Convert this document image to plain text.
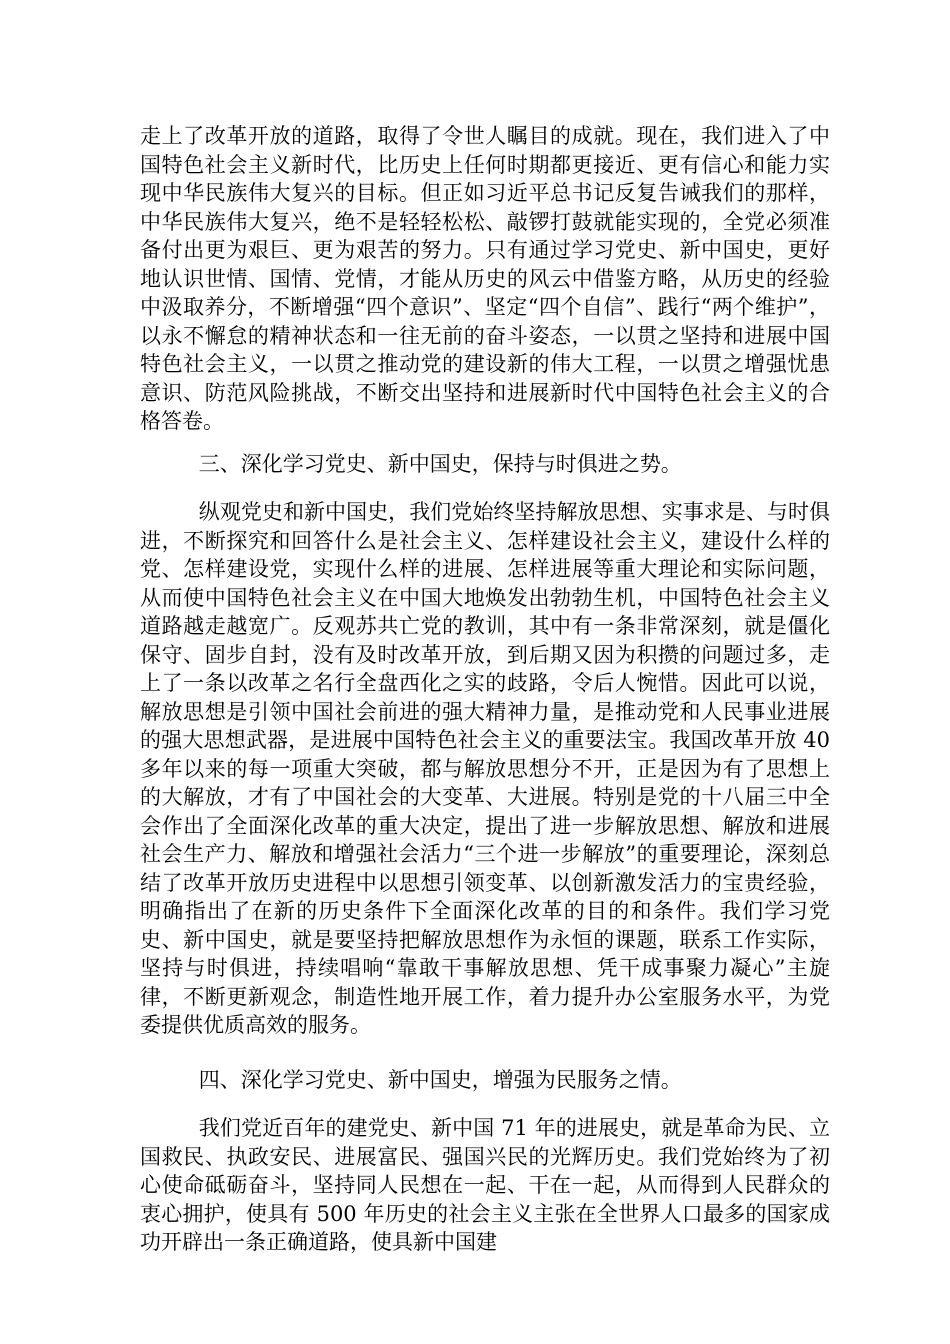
走上了改革开放的道路，取得了令世人瞩目的成就。现在，我们进入了中国特色社会主义新时代，比历史上任何时期都更接近、更有信心和能力实现中华民族伟大复兴的目标。但正如习近平总书记反复告诫我们的那样，中华民族伟大复兴，绝不是轻轻松松、敲锣打鼓就能实现的，全党必须准备付出更为艰巨、更为艰苦的努力。只有通过学习党史、新中国史，更好地认识世情、国情、党情，才能从历史的风云中借鉴方略，从历史的经验中汲取养分，不断增强“四个意识”、坚定“四个自信”、践行“两个维护”，以永不懈怠的精神状态和一往无前的奋斗姿态，一以贯之坚持和进展中国特色社会主义，一以贯之推动党的建设新的伟大工程，一以贯之增强忧患意识、防范风险挑战，不断交出坚持和进展新时代中国特色社会主义的合格答卷。
三、深化学习党史、新中国史，保持与时俱进之势。
纵观党史和新中国史，我们党始终坚持解放思想、实事求是、与时俱进，不断探究和回答什么是社会主义、怎样建设社会主义，建设什么样的党、怎样建设党，实现什么样的进展、怎样进展等重大理论和实际问题，从而使中国特色社会主义在中国大地焕发出勃勃生机，中国特色社会主义道路越走越宽广。反观苏共亡党的教训，其中有一条非常深刻，就是僵化保守、固步自封，没有及时改革开放，到后期又因为积攒的问题过多，走上了一条以改革之名行全盘西化之实的歧路，令后人惋惜。因此可以说，解放思想是引领中国社会前进的强大精神力量，是推动党和人民事业进展的强大思想武器，是进展中国特色社会主义的重要法宝。我国改革开放 40 多年以来的每一项重大突破，都与解放思想分不开，正是因为有了思想上的大解放，才有了中国社会的大变革、大进展。特别是党的十八届三中全会作出了全面深化改革的重大决定，提出了进一步解放思想、解放和进展社会生产力、解放和增强社会活力“三个进一步解放”的重要理论，深刻总结了改革开放历史进程中以思想引领变革、以创新激发活力的宝贵经验，明确指出了在新的历史条件下全面深化改革的目的和条件。我们学习党史、新中国史，就是要坚持把解放思想作为永恒的课题，联系工作实际，坚持与时俱进，持续唱响“靠敢干事解放思想、凭干成事聚力凝心”主旋律，不断更新观念，制造性地开展工作，着力提升办公室服务水平，为党委提供优质高效的服务。
四、深化学习党史、新中国史，增强为民服务之情。
我们党近百年的建党史、新中国 71 年的进展史，就是革命为民、立国救民、执政安民、进展富民、强国兴民的光辉历史。我们党始终为了初心使命砥砺奋斗，坚持同人民想在一起、干在一起，从而得到人民群众的衷心拥护，使具有 500 年历史的社会主义主张在全世界人口最多的国家成功开辟出一条正确道路，使具新中国建
